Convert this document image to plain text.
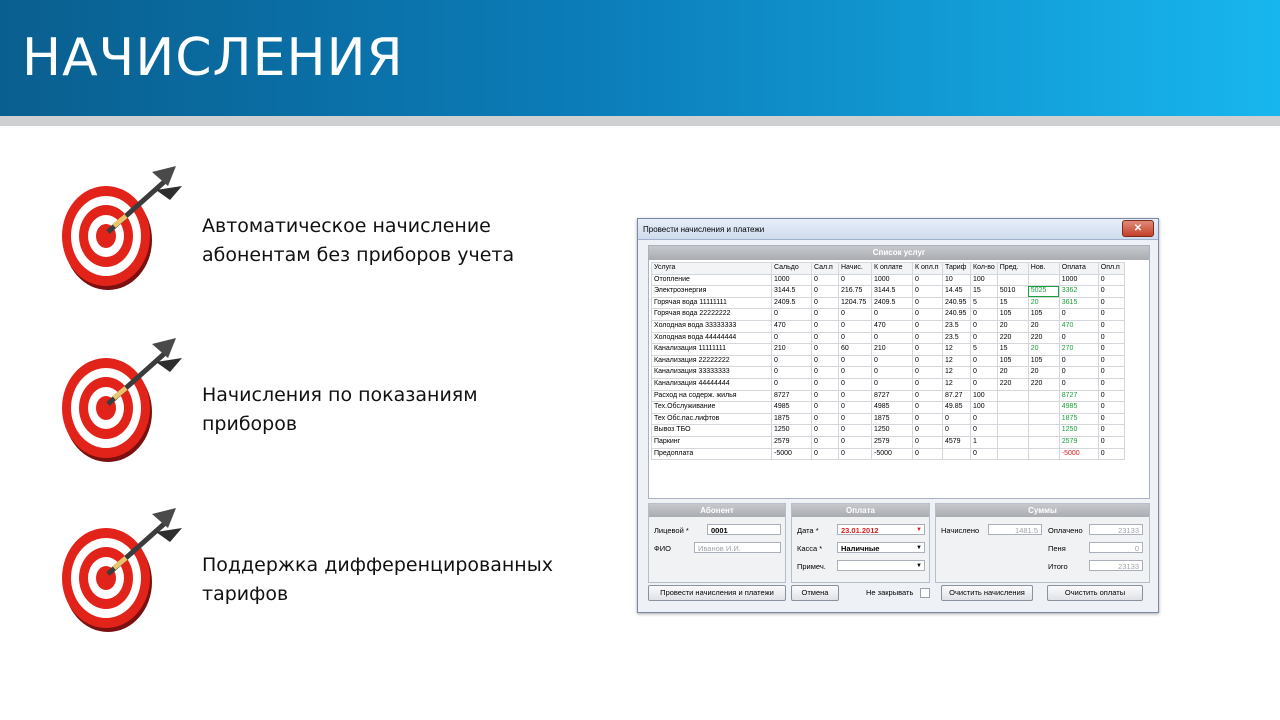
НАЧИСЛЕНИЯ
Автоматическое начисление
абонентам без приборов учета
Начисления по показаниям
приборов
Поддержка дифференцированных
тарифов
Провести начисления и платежи	✕
Список услуг
Услуга	Сальдо	Сал.п	Начис.	К оплате	К опл.п	Тариф	Кол-во	Пред.	Нов.	Оплата	Опл.п
Отопление	1000	0	0	1000	0	10	100			1000	0
Электроэнергия	3144.5	0	216.75	3144.5	0	14.45	15	5010	5025	3362	0
Горячая вода 11111111	2409.5	0	1204.75	2409.5	0	240.95	5	15	20	3615	0
Горячая вода 22222222	0	0	0	0	0	240.95	0	105	105	0	0
Холодная вода 33333333	470	0	0	470	0	23.5	0	20	20	470	0
Холодная вода 44444444	0	0	0	0	0	23.5	0	220	220	0	0
Канализация 11111111	210	0	60	210	0	12	5	15	20	270	0
Канализация 22222222	0	0	0	0	0	12	0	105	105	0	0
Канализация 33333333	0	0	0	0	0	12	0	20	20	0	0
Канализация 44444444	0	0	0	0	0	12	0	220	220	0	0
Расход на содерж. жилья	8727	0	0	8727	0	87.27	100			8727	0
Тех.Обслуживание	4985	0	0	4985	0	49.85	100			4985	0
Тех Обс.пас.лифтов	1875	0	0	1875	0	0	0			1875	0
Вывоз ТБО	1250	0	0	1250	0	0	0			1250	0
Паркинг	2579	0	0	2579	0	4579	1			2579	0
Предоплата	-5000	0	0	-5000	0		0			-5000	0

Абонент
Лицевой *	0001
ФИО	Иванов И.И.
Оплата
Дата *	23.01.2012	▼
Касса *	Наличные	▼
Примеч.	▼
Суммы
Начислено	1481.5	Оплачено	23133
Пеня	0
Итого	23133
Провести начисления и платежи	Отмена	Не закрывать	Очистить начисления	Очистить оплаты
